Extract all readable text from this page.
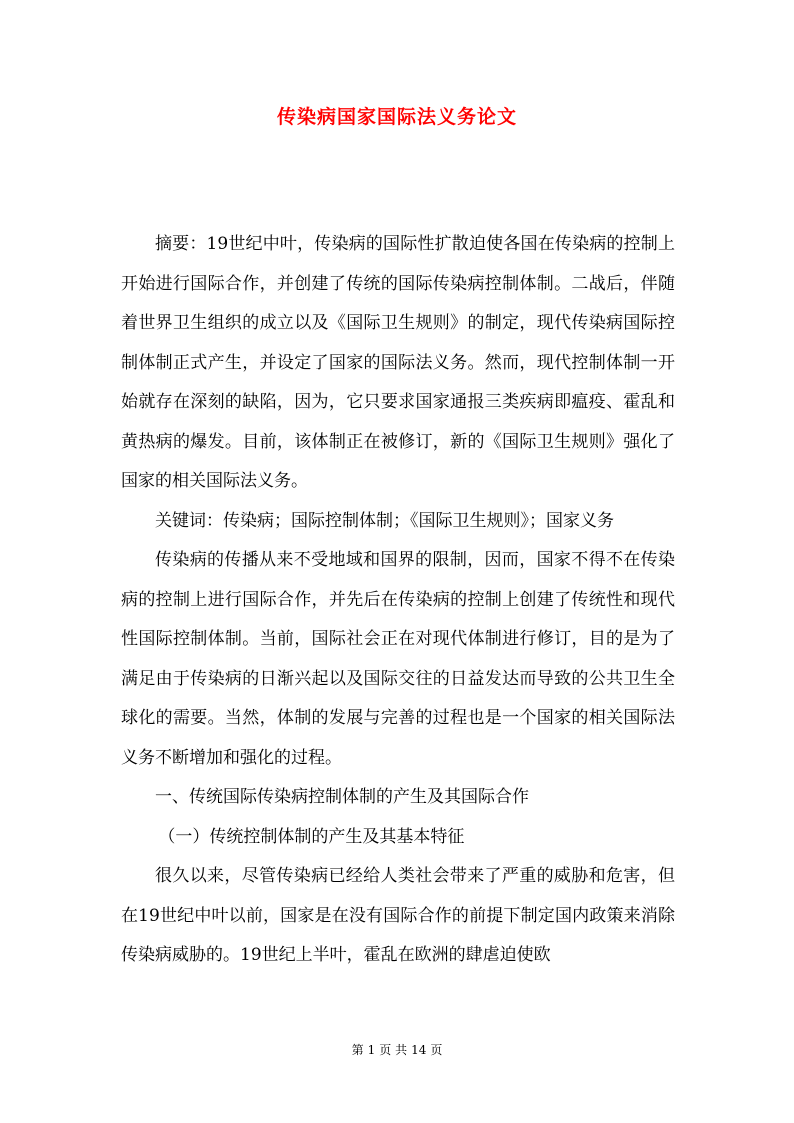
传染病国家国际法义务论文

摘要：19世纪中叶，传染病的国际性扩散迫使各国在传染病的控制上开始进行国际合作，并创建了传统的国际传染病控制体制。二战后，伴随着世界卫生组织的成立以及《国际卫生规则》的制定，现代传染病国际控制体制正式产生，并设定了国家的国际法义务。然而，现代控制体制一开始就存在深刻的缺陷，因为，它只要求国家通报三类疾病即瘟疫、霍乱和黄热病的爆发。目前，该体制正在被修订，新的《国际卫生规则》强化了国家的相关国际法义务。

关键词：传染病；国际控制体制；《国际卫生规则》；国家义务

传染病的传播从来不受地域和国界的限制，因而，国家不得不在传染病的控制上进行国际合作，并先后在传染病的控制上创建了传统性和现代性国际控制体制。当前，国际社会正在对现代体制进行修订，目的是为了满足由于传染病的日渐兴起以及国际交往的日益发达而导致的公共卫生全球化的需要。当然，体制的发展与完善的过程也是一个国家的相关国际法义务不断增加和强化的过程。

一、传统国际传染病控制体制的产生及其国际合作

（一）传统控制体制的产生及其基本特征

很久以来，尽管传染病已经给人类社会带来了严重的威胁和危害，但在19世纪中叶以前，国家是在没有国际合作的前提下制定国内政策来消除传染病威胁的。19世纪上半叶，霍乱在欧洲的肆虐迫使欧

第 1 页 共 14 页
